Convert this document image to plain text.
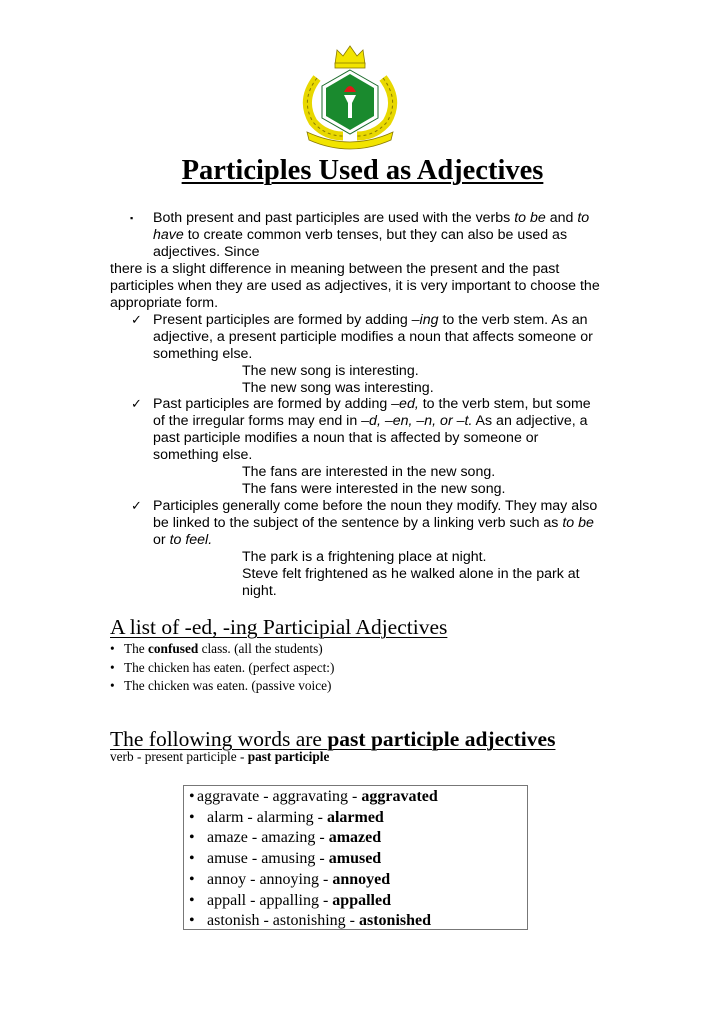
Participles Used as Adjectives
▪ Both present and past participles are used with the verbs to be and to
have to create common verb tenses, but they can also be used as
adjectives. Since
there is a slight difference in meaning between the present and the past
participles when they are used as adjectives, it is very important to choose the
appropriate form.
✓ Present participles are formed by adding –ing to the verb stem. As an
adjective, a present participle modifies a noun that affects someone or
something else.
The new song is interesting.
The new song was interesting.
✓ Past participles are formed by adding –ed, to the verb stem, but some
of the irregular forms may end in –d, –en, –n, or –t. As an adjective, a
past participle modifies a noun that is affected by someone or
something else.
The fans are interested in the new song.
The fans were interested in the new song.
✓ Participles generally come before the noun they modify. They may also
be linked to the subject of the sentence by a linking verb such as to be
or to feel.
The park is a frightening place at night.
Steve felt frightened as he walked alone in the park at
night.
A list of -ed, -ing Participial Adjectives
• The confused class. (all the students)
• The chicken has eaten. (perfect aspect:)
• The chicken was eaten. (passive voice)
The following words are past participle adjectives
verb - present participle - past participle
• aggravate - aggravating - aggravated
• alarm - alarming - alarmed
• amaze - amazing - amazed
• amuse - amusing - amused
• annoy - annoying - annoyed
• appall - appalling - appalled
• astonish - astonishing - astonished
